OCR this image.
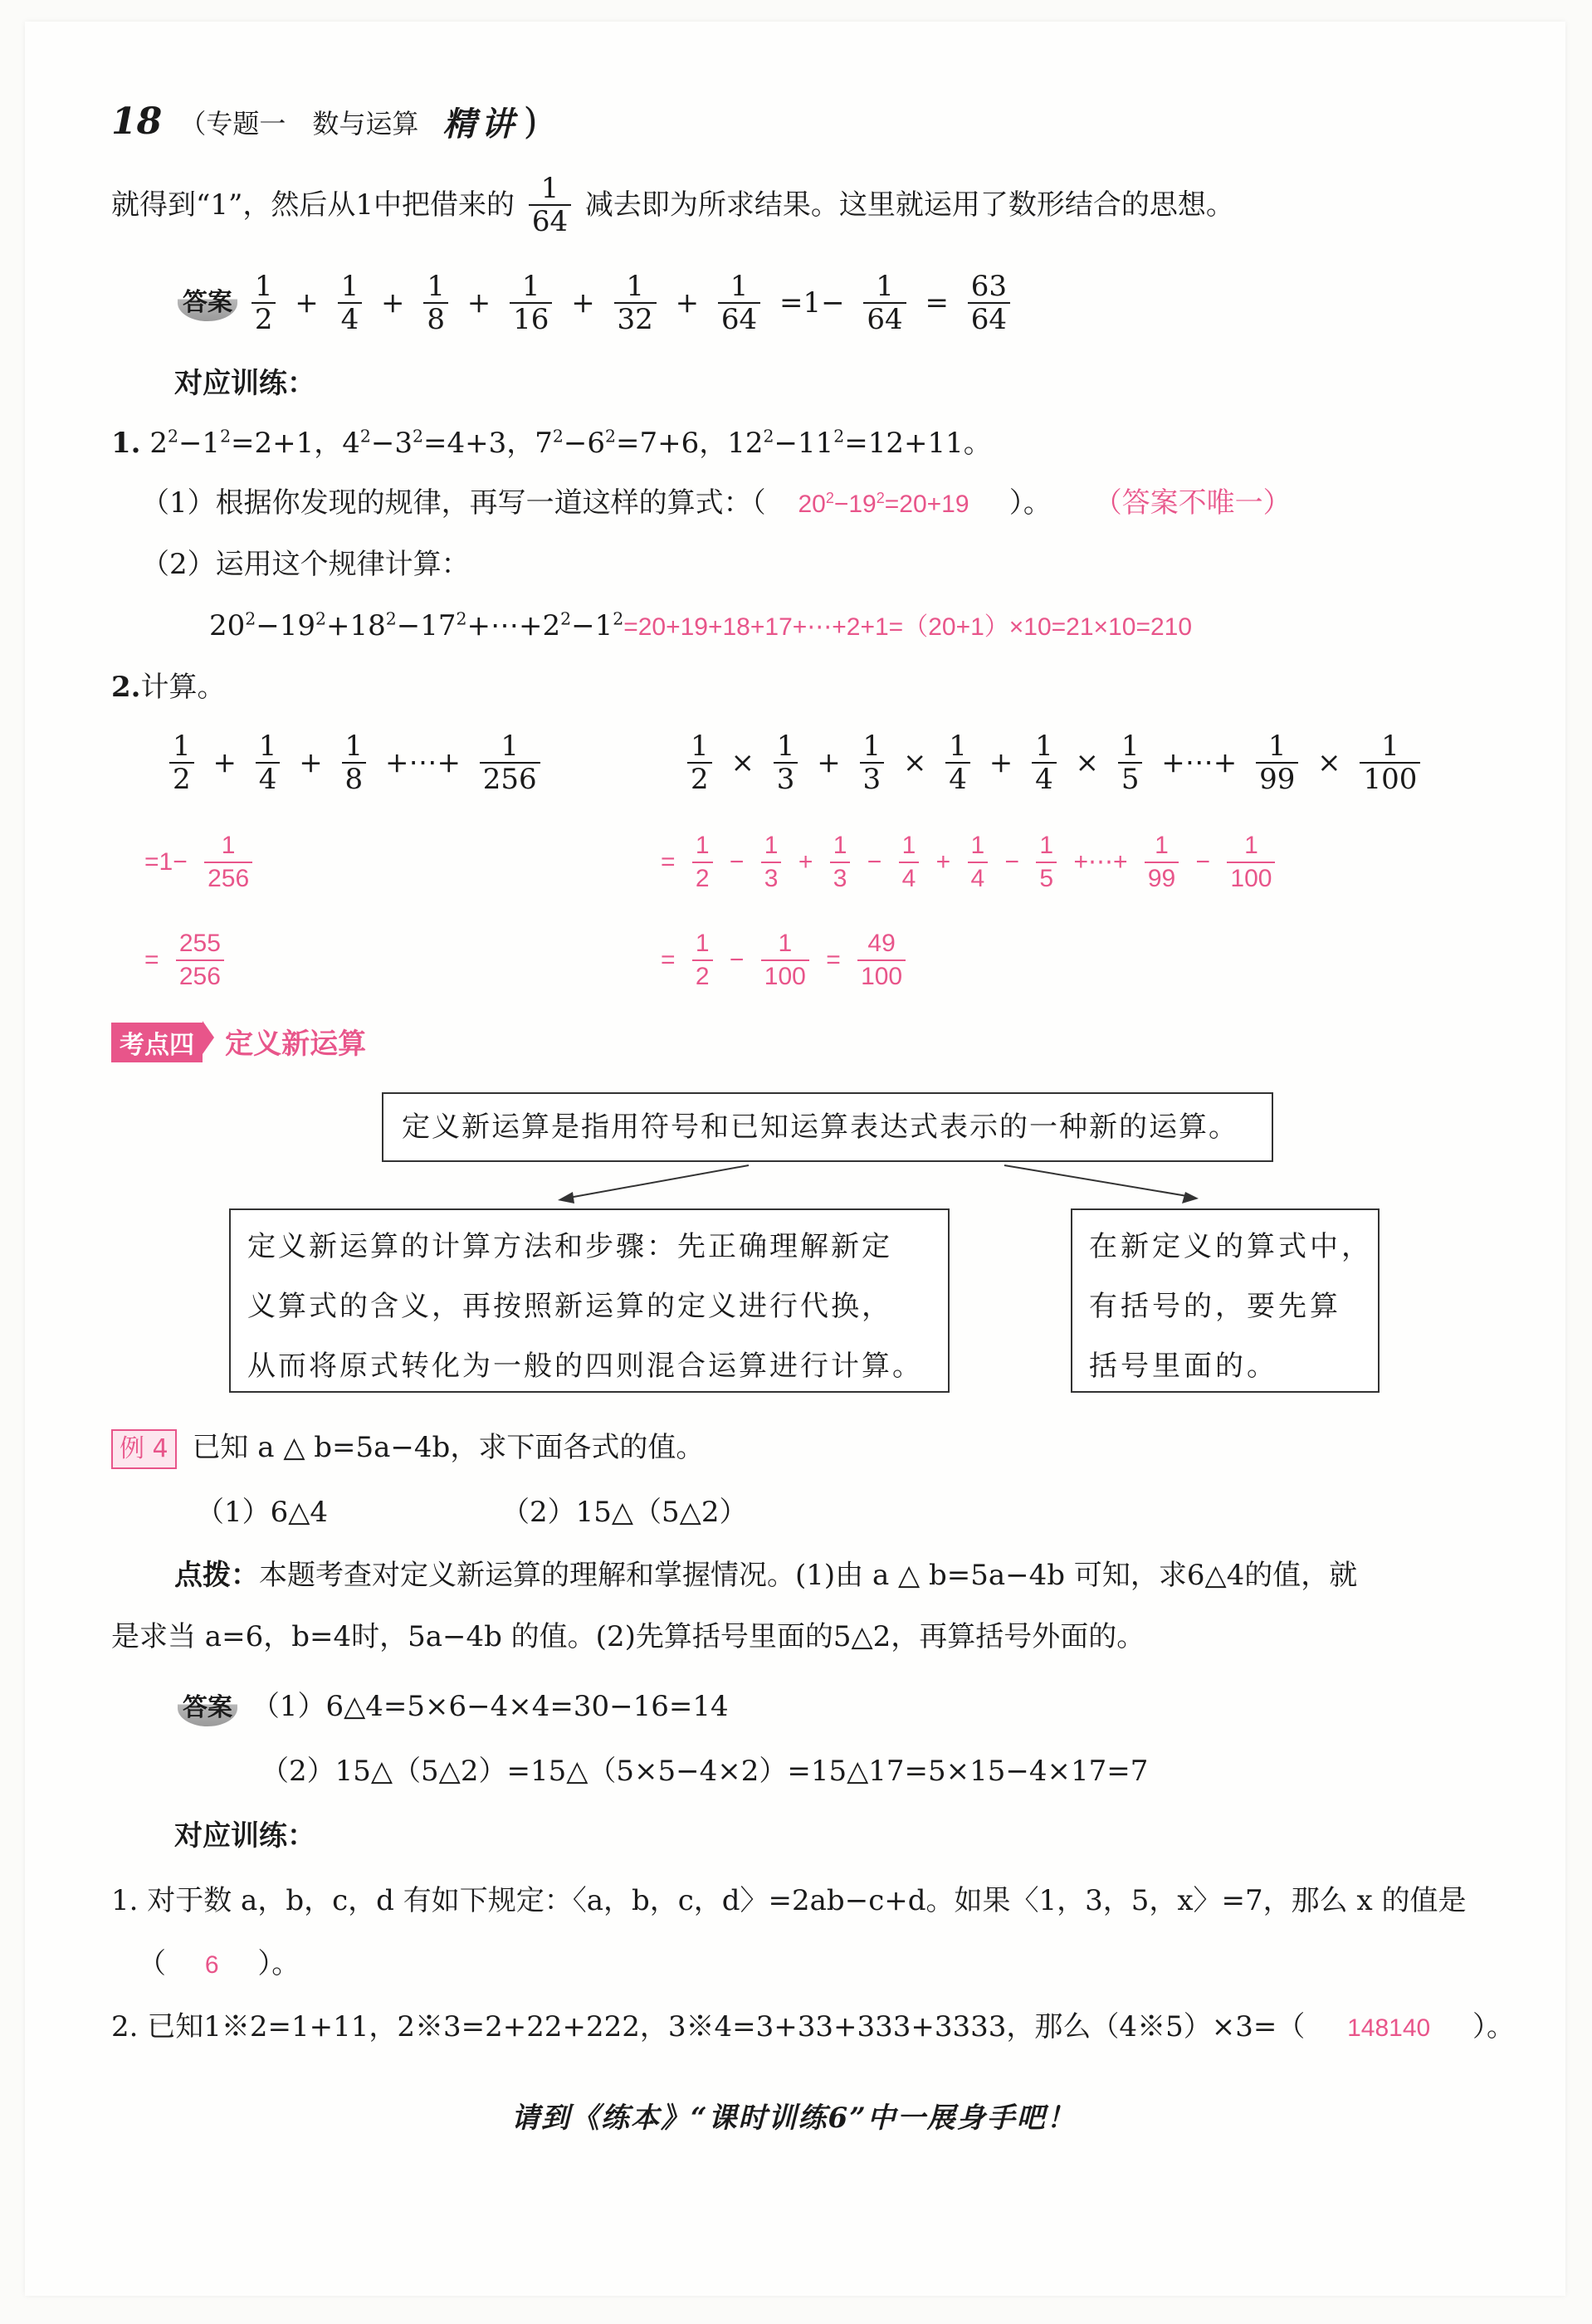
18 （专题一　数与运算 精讲 )
就得到“1”，然后从1中把借来的 $\frac{1}{64}$ 减去即为所求结果。这里就运用了数形结合的思想。
答案 $\frac{1}{2} + \frac{1}{4} + \frac{1}{8} + \frac{1}{16} + \frac{1}{32} + \frac{1}{64} =1- \frac{1}{64} = \frac{63}{64}$
对应训练：
1. $2^2-1^2=2+1$，$4^2-3^2=4+3$，$7^2-6^2=7+6$，$12^2-11^2=12+11$。
（1）根据你发现的规律，再写一道这样的算式：（ $20^2-19^2=20+19$ ）。 （答案不唯一）
（2）运用这个规律计算：
$20^2-19^2+18^2-17^2+\cdots+2^2-1^2=20+19+18+17+\cdots+2+1=(20+1)\times 10=21\times 10=210$
2.计算。
$\frac{1}{2} + \frac{1}{4} + \frac{1}{8}$ +⋯+ $\frac{1}{256}$
$=1- \frac{1}{256}$
= $\frac{255}{256}$
$\frac{1}{2} \times \frac{1}{3} + \frac{1}{3} \times \frac{1}{4} + \frac{1}{4} \times \frac{1}{5}$ +⋯+ $\frac{1}{99} \times \frac{1}{100}$
= $\frac{1}{2} - \frac{1}{3} + \frac{1}{3} - \frac{1}{4} + \frac{1}{4} - \frac{1}{5}$ +⋯+ $\frac{1}{99} - \frac{1}{100}$
= $\frac{1}{2} - \frac{1}{100} = \frac{49}{100}$
考点四 定义新运算

定义新运算是指用符号和已知运算表达式表示的一种新的运算。

定义新运算的计算方法和步骤：先正确理解新定

义算式的含义，再按照新运算的定义进行代换，

从而将原式转化为一般的四则混合运算进行计算。

在新定义的算式中，

有括号的，要先算

括号里面的。

例 4 已知 a △ b=5a−4b，求下面各式的值。
（1）6△4	（2）15△（5△2）
点拨：本题考查对定义新运算的理解和掌握情况。(1)由 a △ b=5a−4b 可知，求6△4的值，就
是求当 a=6，b=4时，5a−4b 的值。(2)先算括号里面的5△2，再算括号外面的。
答案 （1）6△4=5×6−4×4=30−16=14
（2）15△（5△2）=15△（5×5−4×2）=15△17=5×15−4×17=7
对应训练：
1. 对于数 a，b，c，d 有如下规定：〈a，b，c，d〉=2ab−c+d。如果〈1，3，5，x〉=7，那么 x 的值是
（ 6 ）。
2. 已知1※2=1+11，2※3=2+22+222，3※4=3+33+333+3333，那么（4※5）×3=（ 148140 ）。
请到《练本》“课时训练6”中一展身手吧！
